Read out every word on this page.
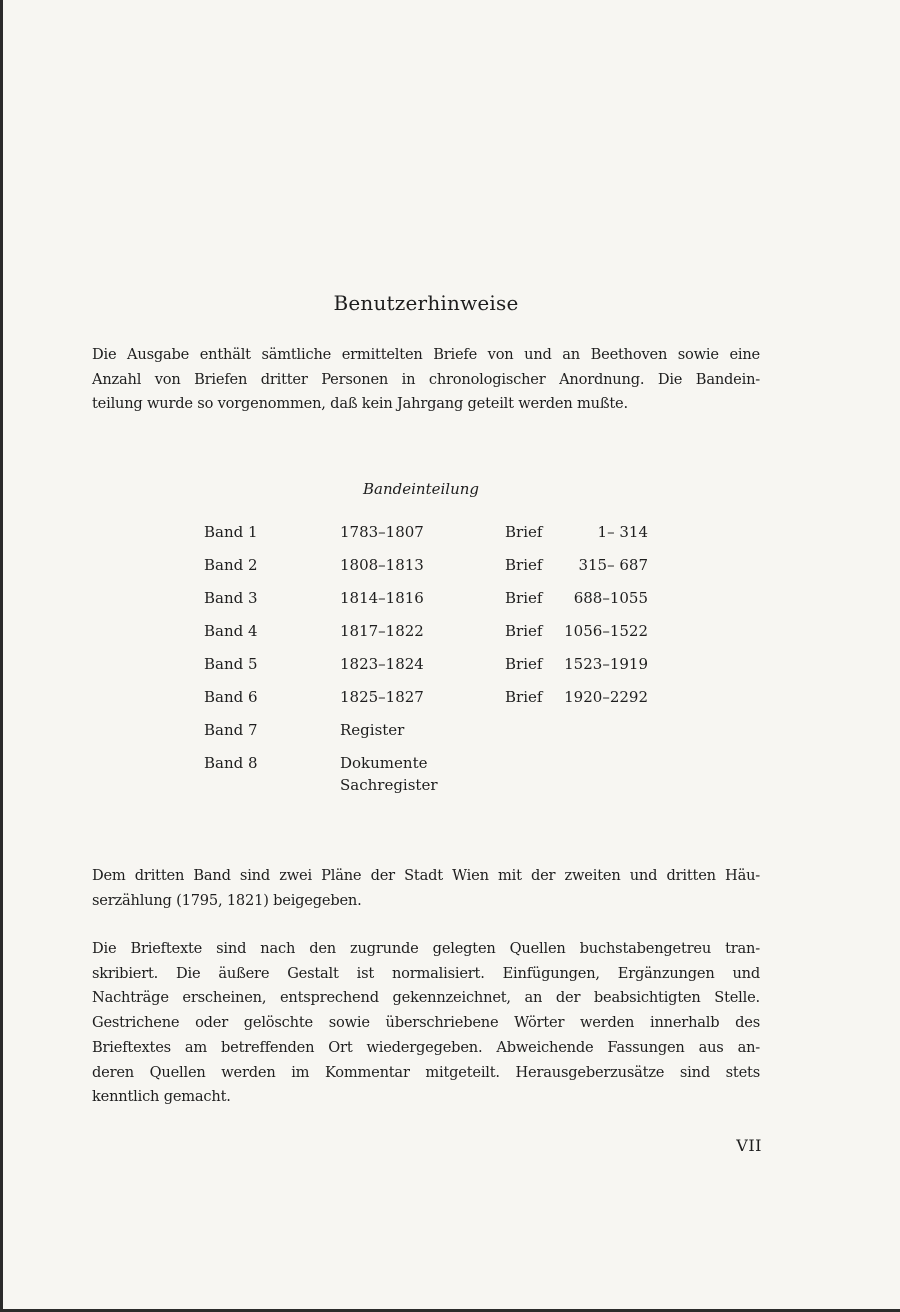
Benutzerhinweise

Die Ausgabe enthält sämtliche ermittelten Briefe von und an Beethoven sowie eine
Anzahl von Briefen dritter Personen in chronologischer Anordnung. Die Bandein-
teilung wurde so vorgenommen, daß kein Jahrgang geteilt werden mußte.

Bandeinteilung
Band 1	1783–1807	Brief	1– 314
Band 2	1808–1813	Brief	315– 687
Band 3	1814–1816	Brief	688–1055
Band 4	1817–1822	Brief	1056–1522
Band 5	1823–1824	Brief	1523–1919
Band 6	1825–1827	Brief	1920–2292
Band 7	Register
Band 8	Dokumente
Sachregister

Dem dritten Band sind zwei Pläne der Stadt Wien mit der zweiten und dritten Häu-
serzählung (1795, 1821) beigegeben.

Die Brieftexte sind nach den zugrunde gelegten Quellen buchstabengetreu tran-
skribiert. Die äußere Gestalt ist normalisiert. Einfügungen, Ergänzungen und
Nachträge erscheinen, entsprechend gekennzeichnet, an der beabsichtigten Stelle.
Gestrichene oder gelöschte sowie überschriebene Wörter werden innerhalb des
Brieftextes am betreffenden Ort wiedergegeben. Abweichende Fassungen aus an-
deren Quellen werden im Kommentar mitgeteilt. Herausgeberzusätze sind stets
kenntlich gemacht.

VII
